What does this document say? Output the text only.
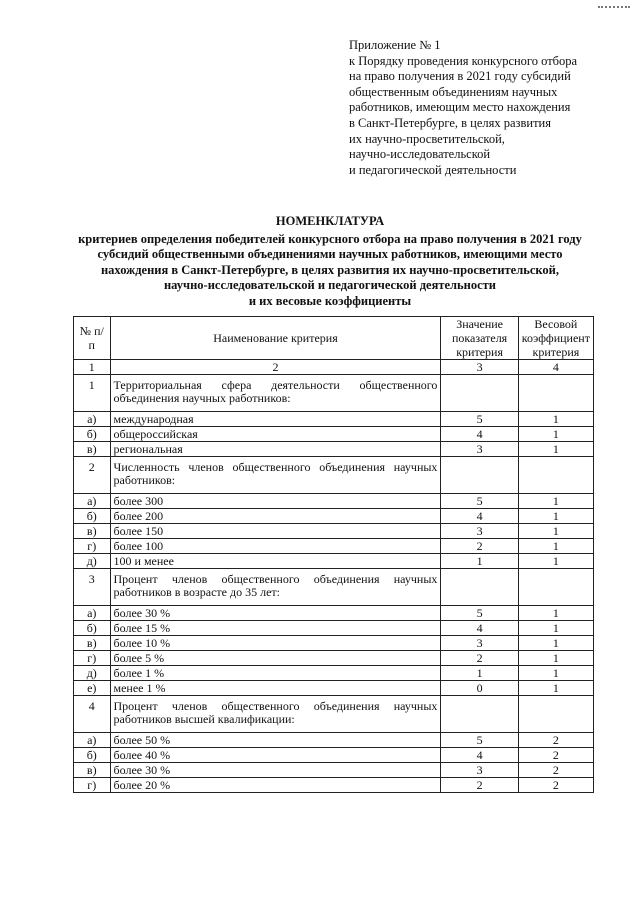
Приложение № 1
к Порядку проведения конкурсного отбора
на право получения в 2021 году субсидий
общественным объединениям научных
работников, имеющим место нахождения
в Санкт-Петербурге, в целях развития
их научно-просветительской,
научно-исследовательской
и педагогической деятельности
НОМЕНКЛАТУРА
критериев определения победителей конкурсного отбора на право получения в 2021 году
субсидий общественными объединениями научных работников, имеющими место
нахождения в Санкт-Петербурге, в целях развития их научно-просветительской,
научно-исследовательской и педагогической деятельности
и их весовые коэффициенты
№ п/п	Наименование критерия	Значение показателя критерия	Весовой коэффициент критерия
1	2	3	4
1	Территориальная сфера деятельности общественного объединения научных работников:		
а)	международная	5	1
б)	общероссийская	4	1
в)	региональная	3	1
2	Численность членов общественного объединения научных работников:		
а)	более 300	5	1
б)	более 200	4	1
в)	более 150	3	1
г)	более 100	2	1
д)	100 и менее	1	1
3	Процент членов общественного объединения научных работников в возрасте до 35 лет:		
а)	более 30 %	5	1
б)	более 15 %	4	1
в)	более 10 %	3	1
г)	более 5 %	2	1
д)	более 1 %	1	1
е)	менее 1 %	0	1
4	Процент членов общественного объединения научных работников высшей квалификации:		
а)	более 50 %	5	2
б)	более 40 %	4	2
в)	более 30 %	3	2
г)	более 20 %	2	2
